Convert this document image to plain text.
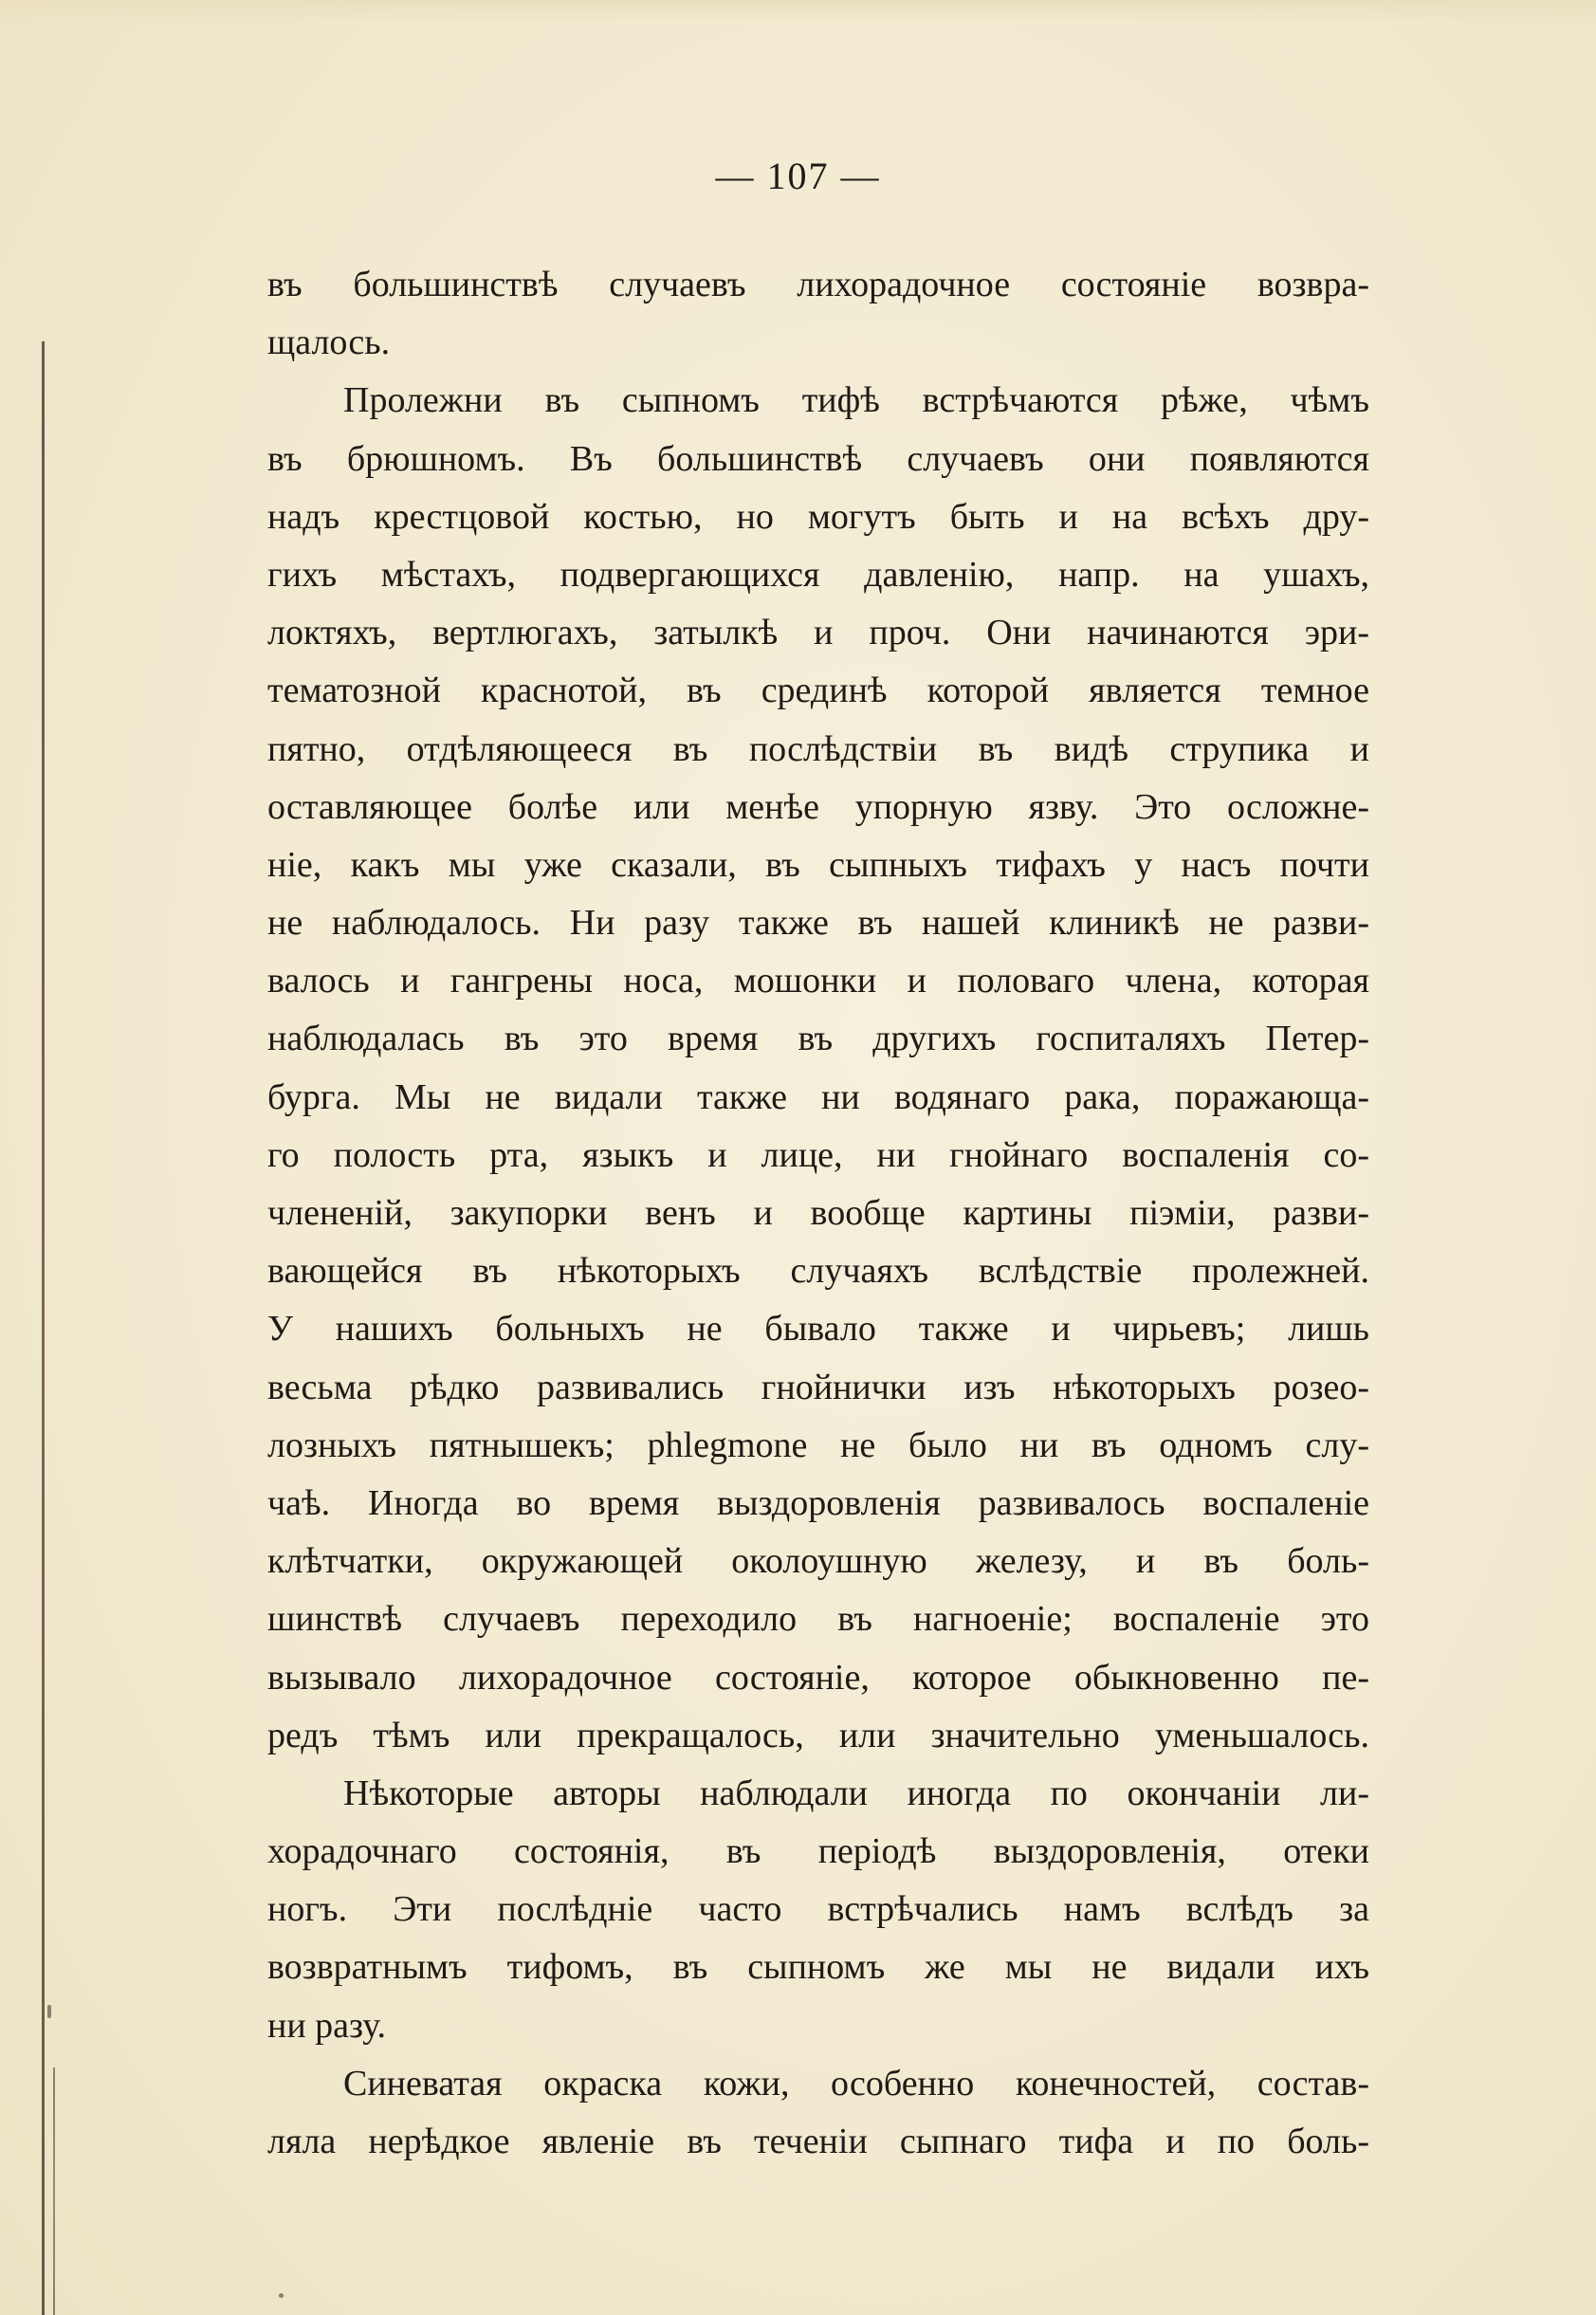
— 107 —
въ большинствѣ случаевъ лихорадочное состояніе возвра-
щалось.
Пролежни въ сыпномъ тифѣ встрѣчаются рѣже, чѣмъ
въ брюшномъ. Въ большинствѣ случаевъ они появляются
надъ крестцовой костью, но могутъ быть и на всѣхъ дру-
гихъ мѣстахъ, подвергающихся давленію, напр. на ушахъ,
локтяхъ, вертлюгахъ, затылкѣ и проч. Они начинаются эри-
тематозной краснотой, въ срединѣ которой является темное
пятно, отдѣляющееся въ послѣдствіи въ видѣ струпика и
оставляющее болѣе или менѣе упорную язву. Это осложне-
ніе, какъ мы уже сказали, въ сыпныхъ тифахъ у насъ почти
не наблюдалось. Ни разу также въ нашей клиникѣ не разви-
валось и гангрены носа, мошонки и половаго члена, которая
наблюдалась въ это время въ другихъ госпиталяхъ Петер-
бурга. Мы не видали также ни водянаго рака, поражающа-
го полость рта, языкъ и лице, ни гнойнаго воспаленія со-
члененій, закупорки венъ и вообще картины піэміи, разви-
вающейся въ нѣкоторыхъ случаяхъ вслѣдствіе пролежней.
У нашихъ больныхъ не бывало также и чирьевъ; лишь
весьма рѣдко развивались гнойнички изъ нѣкоторыхъ розео-
лозныхъ пятнышекъ; phlegmone не было ни въ одномъ слу-
чаѣ. Иногда во время выздоровленія развивалось воспаленіе
клѣтчатки, окружающей околоушную железу, и въ боль-
шинствѣ случаевъ переходило въ нагноеніе; воспаленіе это
вызывало лихорадочное состояніе, которое обыкновенно пе-
редъ тѣмъ или прекращалось, или значительно уменьшалось.
Нѣкоторые авторы наблюдали иногда по окончаніи ли-
хорадочнаго состоянія, въ періодѣ выздоровленія, отеки
ногъ. Эти послѣдніе часто встрѣчались намъ вслѣдъ за
возвратнымъ тифомъ, въ сыпномъ же мы не видали ихъ
ни разу.
Синеватая окраска кожи, особенно конечностей, состав-
ляла нерѣдкое явленіе въ теченіи сыпнаго тифа и по боль-
